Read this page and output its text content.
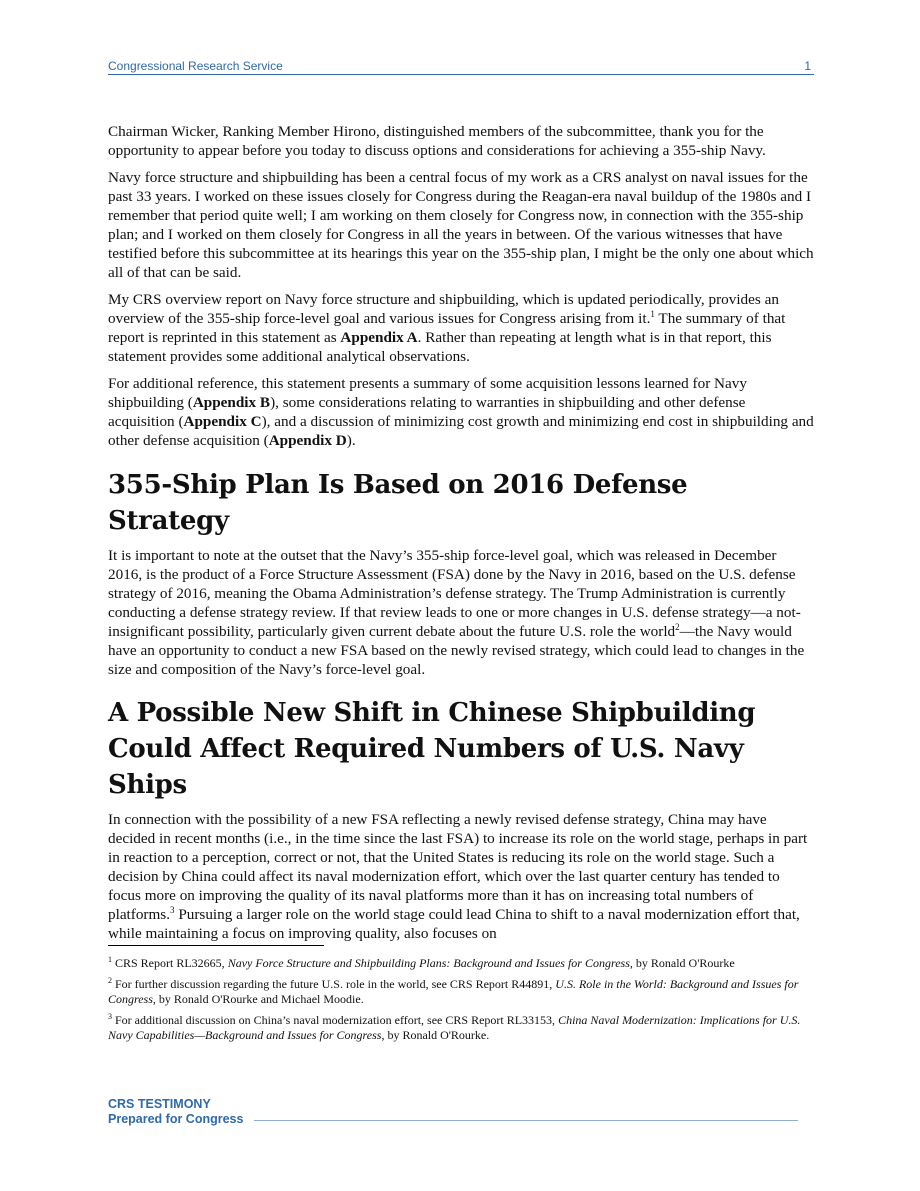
Congressional Research Service	1

Chairman Wicker, Ranking Member Hirono, distinguished members of the subcommittee, thank you for the opportunity to appear before you today to discuss options and considerations for achieving a 355-ship Navy.

Navy force structure and shipbuilding has been a central focus of my work as a CRS analyst on naval issues for the past 33 years. I worked on these issues closely for Congress during the Reagan-era naval buildup of the 1980s and I remember that period quite well; I am working on them closely for Congress now, in connection with the 355-ship plan; and I worked on them closely for Congress in all the years in between. Of the various witnesses that have testified before this subcommittee at its hearings this year on the 355-ship plan, I might be the only one about which all of that can be said.

My CRS overview report on Navy force structure and shipbuilding, which is updated periodically, provides an overview of the 355-ship force-level goal and various issues for Congress arising from it.$^1$ The summary of that report is reprinted in this statement as Appendix A. Rather than repeating at length what is in that report, this statement provides some additional analytical observations.

For additional reference, this statement presents a summary of some acquisition lessons learned for Navy shipbuilding (Appendix B), some considerations relating to warranties in shipbuilding and other defense acquisition (Appendix C), and a discussion of minimizing cost growth and minimizing end cost in shipbuilding and other defense acquisition (Appendix D).

355-Ship Plan Is Based on 2016 Defense Strategy

It is important to note at the outset that the Navy’s 355-ship force-level goal, which was released in December 2016, is the product of a Force Structure Assessment (FSA) done by the Navy in 2016, based on the U.S. defense strategy of 2016, meaning the Obama Administration’s defense strategy. The Trump Administration is currently conducting a defense strategy review. If that review leads to one or more changes in U.S. defense strategy—a not-insignificant possibility, particularly given current debate about the future U.S. role the world$^2$—the Navy would have an opportunity to conduct a new FSA based on the newly revised strategy, which could lead to changes in the size and composition of the Navy’s force-level goal.

A Possible New Shift in Chinese Shipbuilding Could Affect Required Numbers of U.S. Navy Ships

In connection with the possibility of a new FSA reflecting a newly revised defense strategy, China may have decided in recent months (i.e., in the time since the last FSA) to increase its role on the world stage, perhaps in part in reaction to a perception, correct or not, that the United States is reducing its role on the world stage. Such a decision by China could affect its naval modernization effort, which over the last quarter century has tended to focus more on improving the quality of its naval platforms more than it has on increasing total numbers of platforms.$^3$ Pursuing a larger role on the world stage could lead China to shift to a naval modernization effort that, while maintaining a focus on improving quality, also focuses on

$^1$ CRS Report RL32665, Navy Force Structure and Shipbuilding Plans: Background and Issues for Congress, by Ronald O'Rourke

$^2$ For further discussion regarding the future U.S. role in the world, see CRS Report R44891, U.S. Role in the World: Background and Issues for Congress, by Ronald O'Rourke and Michael Moodie.

$^3$ For additional discussion on China’s naval modernization effort, see CRS Report RL33153, China Naval Modernization: Implications for U.S. Navy Capabilities—Background and Issues for Congress, by Ronald O'Rourke.

CRS TESTIMONY
Prepared for Congress
